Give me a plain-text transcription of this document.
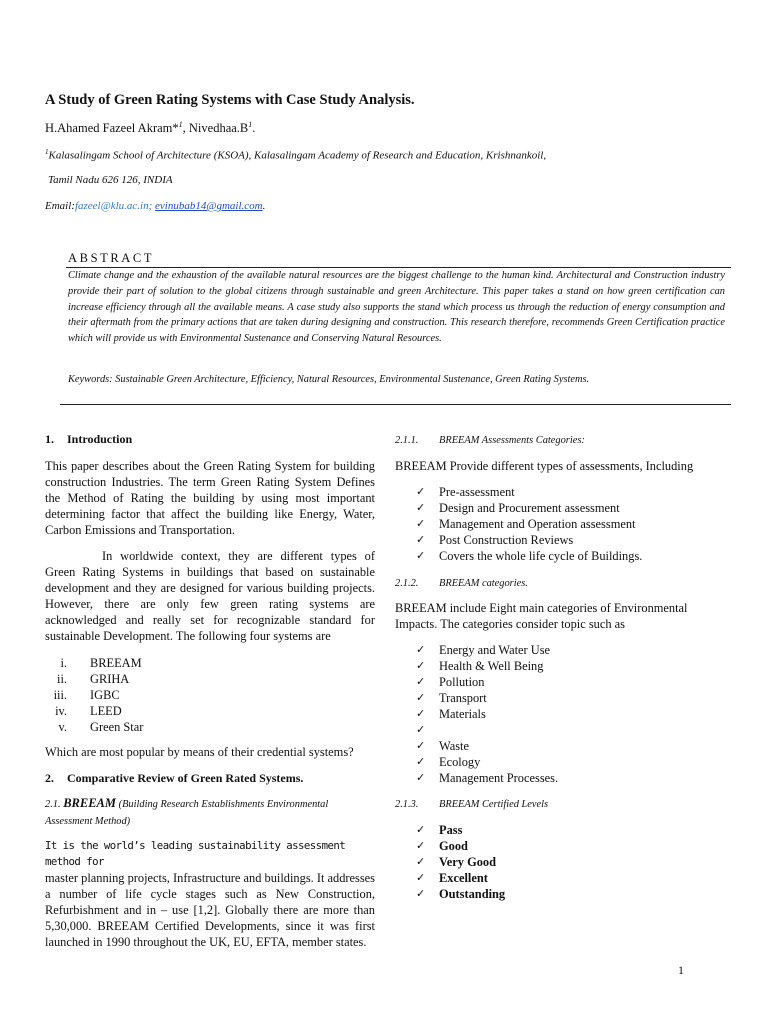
A Study of Green Rating Systems with Case Study Analysis.
H.Ahamed Fazeel Akram*$^1$, $Nivedhaa.B^1$.
$^1$Kalasalingam School of Architecture (KSOA), Kalasalingam Academy of Research and Education, Krishnankoil,
Tamil Nadu 626 126, INDIA
Email:fazeel@klu.ac.in; evinubab14@gmail.com.
ABSTRACT
Climate change and the exhaustion of the available natural resources are the biggest challenge to the human kind. Architectural and Construction industry provide their part of solution to the global citizens through sustainable and green Architecture. This paper takes a stand on how green certification can increase efficiency through all the available means. A case study also supports the stand which process us through the reduction of energy consumption and their aftermath from the primary actions that are taken during designing and construction. This research therefore, recommends Green Certification practice which will provide us with Environmental Sustenance and Conserving Natural Resources.
Keywords: Sustainable Green Architecture, Efficiency, Natural Resources, Environmental Sustenance, Green Rating Systems.
1. Introduction
This paper describes about the Green Rating System for building construction Industries. The term Green Rating System Defines the Method of Rating the building by using most important determining factor that affect the building like Energy, Water, Carbon Emissions and Transportation.
In worldwide context, they are different types of Green Rating Systems in buildings that based on sustainable development and they are designed for various building projects. However, there are only few green rating systems are acknowledged and really set for recognizable standard for sustainable Development. The following four systems are
i. BREEAM
ii. GRIHA
iii. IGBC
iv. LEED
v. Green Star
Which are most popular by means of their credential systems?
2. Comparative Review of Green Rated Systems.
2.1. BREEAM (Building Research Establishments Environmental Assessment Method)
It is the world’s leading sustainability assessment method for
master planning projects, Infrastructure and buildings. It addresses a number of life cycle stages such as New Construction, Refurbishment and in – use [1,2]. Globally there are more than 5,30,000. BREEAM Certified Developments, since it was first launched in 1990 throughout the UK, EU, EFTA, member states.
2.1.1. BREEAM Assessments Categories:
BREEAM Provide different types of assessments, Including
✓ Pre-assessment
✓ Design and Procurement assessment
✓ Management and Operation assessment
✓ Post Construction Reviews
✓ Covers the whole life cycle of Buildings.
2.1.2. BREEAM categories.
BREEAM include Eight main categories of Environmental Impacts. The categories consider topic such as
✓ Energy and Water Use
✓ Health & Well Being
✓ Pollution
✓ Transport
✓ Materials
✓
✓ Waste
✓ Ecology
✓ Management Processes.
2.1.3. BREEAM Certified Levels
✓ Pass
✓ Good
✓ Very Good
✓ Excellent
✓ Outstanding
1
